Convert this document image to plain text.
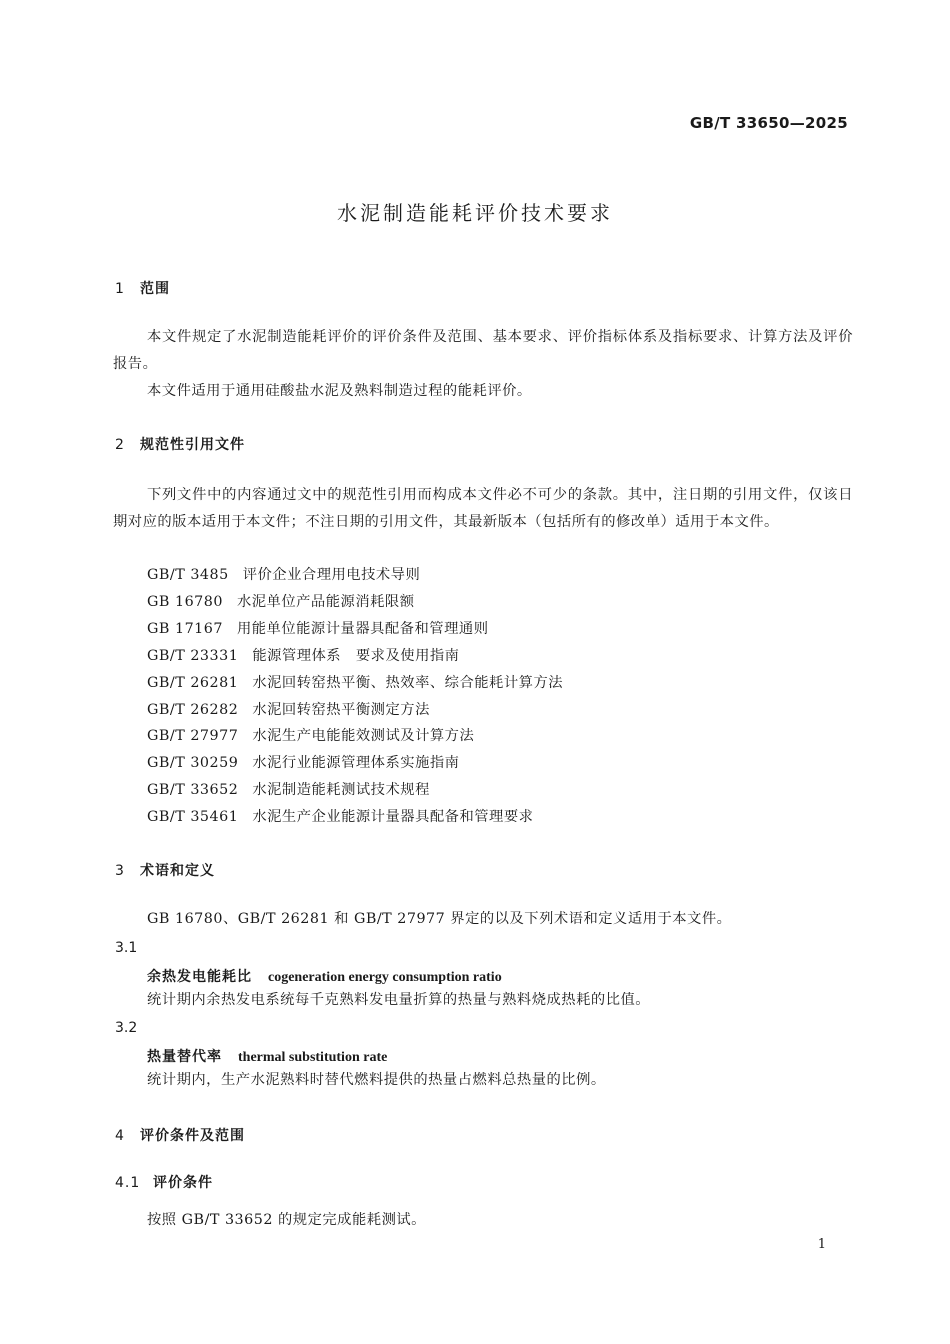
GB/T 33650—2025
水泥制造能耗评价技术要求
1 范围
本文件规定了水泥制造能耗评价的评价条件及范围、基本要求、评价指标体系及指标要求、计算方法及评价报告。
本文件适用于通用硅酸盐水泥及熟料制造过程的能耗评价。
2 规范性引用文件
下列文件中的内容通过文中的规范性引用而构成本文件必不可少的条款。其中，注日期的引用文件，仅该日期对应的版本适用于本文件；不注日期的引用文件，其最新版本（包括所有的修改单）适用于本文件。
GB/T 3485 评价企业合理用电技术导则
GB 16780 水泥单位产品能源消耗限额
GB 17167 用能单位能源计量器具配备和管理通则
GB/T 23331 能源管理体系　要求及使用指南
GB/T 26281 水泥回转窑热平衡、热效率、综合能耗计算方法
GB/T 26282 水泥回转窑热平衡测定方法
GB/T 27977 水泥生产电能能效测试及计算方法
GB/T 30259 水泥行业能源管理体系实施指南
GB/T 33652 水泥制造能耗测试技术规程
GB/T 35461 水泥生产企业能源计量器具配备和管理要求
3 术语和定义
GB 16780、GB/T 26281 和 GB/T 27977 界定的以及下列术语和定义适用于本文件。
3.1
余热发电能耗比 cogeneration energy consumption ratio
统计期内余热发电系统每千克熟料发电量折算的热量与熟料烧成热耗的比值。
3.2
热量替代率 thermal substitution rate
统计期内，生产水泥熟料时替代燃料提供的热量占燃料总热量的比例。
4 评价条件及范围
4.1 评价条件
按照 GB/T 33652 的规定完成能耗测试。
1
